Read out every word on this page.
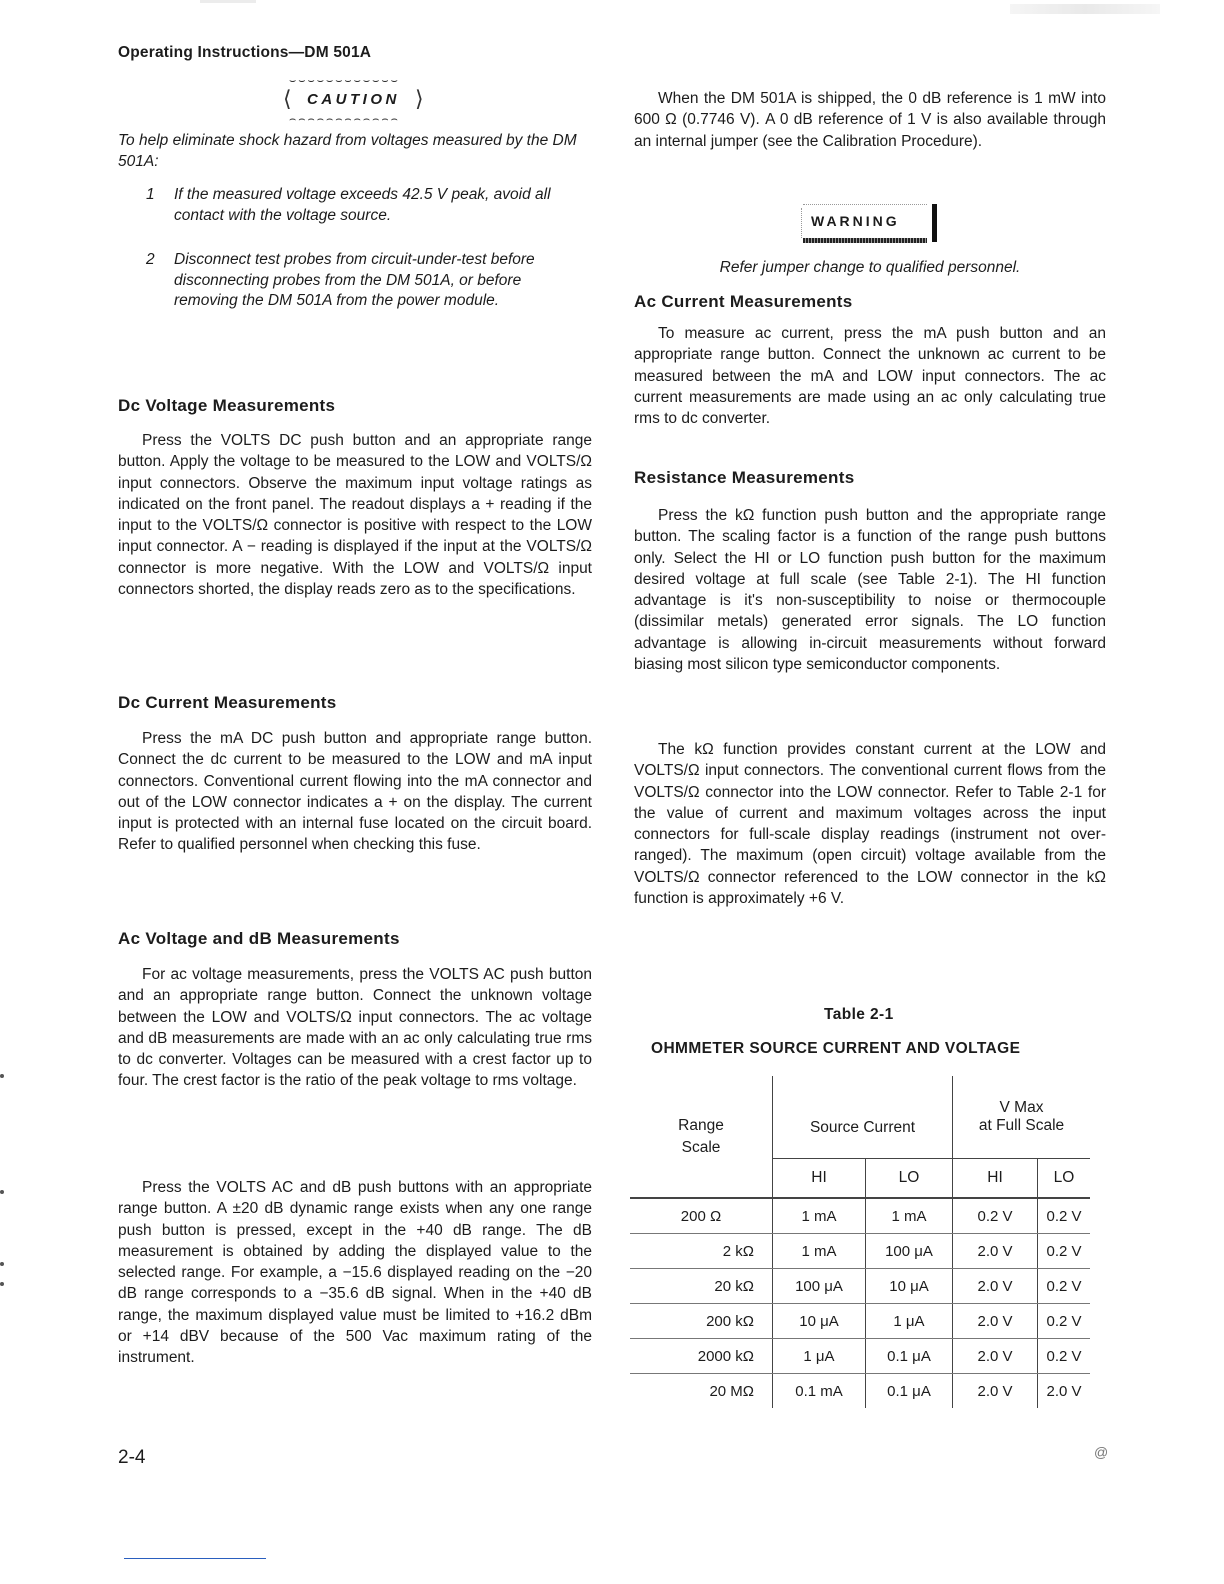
Operating Instructions—DM 501A
⌣⌣⌣⌣⌣⌣⌣⌣⌣⌣⌣⌣
⟨ CAUTION ⟩
⌢⌢⌢⌢⌢⌢⌢⌢⌢⌢⌢⌢
To help eliminate shock hazard from voltages measured by the DM 501A:
1 If the measured voltage exceeds 42.5 V peak, avoid all contact with the voltage source.
2 Disconnect test probes from circuit-under-test before disconnecting probes from the DM 501A, or before removing the DM 501A from the power module.
Dc Voltage Measurements

Press the VOLTS DC push button and an appropriate range button. Apply the voltage to be measured to the LOW and VOLTS/Ω input connectors. Observe the maximum input voltage ratings as indicated on the front panel. The readout displays a + reading if the input to the VOLTS/Ω connector is positive with respect to the LOW input connector. A − reading is displayed if the input at the VOLTS/Ω connector is more negative. With the LOW and VOLTS/Ω input connectors shorted, the display reads zero as to the specifications.

Dc Current Measurements

Press the mA DC push button and appropriate range button. Connect the dc current to be measured to the LOW and mA input connectors. Conventional current flowing into the mA connector and out of the LOW connector indicates a + on the display. The current input is protected with an internal fuse located on the circuit board. Refer to qualified personnel when checking this fuse.

Ac Voltage and dB Measurements

For ac voltage measurements, press the VOLTS AC push button and an appropriate range button. Connect the unknown voltage between the LOW and VOLTS/Ω input connectors. The ac voltage and dB measurements are made with an ac only calculating true rms to dc converter. Voltages can be measured with a crest factor up to four. The crest factor is the ratio of the peak voltage to rms voltage.

Press the VOLTS AC and dB push buttons with an appropriate range button. A ±20 dB dynamic range exists when any one range push button is pressed, except in the +40 dB range. The dB measurement is obtained by adding the displayed value to the selected range. For example, a −15.6 displayed reading on the −20 dB range corresponds to a −35.6 dB signal. When in the +40 dB range, the maximum displayed value must be limited to +16.2 dBm or +14 dBV because of the 500 Vac maximum rating of the instrument.

When the DM 501A is shipped, the 0 dB reference is 1 mW into 600 Ω (0.7746 V). A 0 dB reference of 1 V is also available through an internal jumper (see the Calibration Procedure).

WARNING
Refer jumper change to qualified personnel.
Ac Current Measurements

To measure ac current, press the mA push button and an appropriate range button. Connect the unknown ac current to be measured between the mA and LOW input connectors. The ac current measurements are made using an ac only calculating true rms to dc converter.

Resistance Measurements

Press the kΩ function push button and the appropriate range button. The scaling factor is a function of the range push buttons only. Select the HI or LO function push button for the maximum desired voltage at full scale (see Table 2-1). The HI function advantage is it's non-susceptibility to noise or thermocouple (dissimilar metals) generated error signals. The LO function advantage is allowing in-circuit measurements without forward biasing most silicon type semiconductor components.

The kΩ function provides constant current at the LOW and VOLTS/Ω input connectors. The conventional current flows from the VOLTS/Ω connector into the LOW connector. Refer to Table 2-1 for the value of current and maximum voltages across the input connectors for full-scale display readings (instrument not over-ranged). The maximum (open circuit) voltage available from the VOLTS/Ω connector referenced to the LOW connector in the kΩ function is approximately +6 V.

Table 2-1
OHMMETER SOURCE CURRENT AND VOLTAGE
Range Scale	Source Current		V Max
at Full Scale	

	HI	LO	HI	LO
200 Ω	1 mA	1 mA	0.2 V	0.2 V
2 kΩ	1 mA	100 μA	2.0 V	0.2 V
20 kΩ	100 μA	10 μA	2.0 V	0.2 V
200 kΩ	10 μA	1 μA	2.0 V	0.2 V
2000 kΩ	1 μA	0.1 μA	2.0 V	0.2 V
20 MΩ	0.1 mA	0.1 μA	2.0 V	2.0 V
2-4	@
